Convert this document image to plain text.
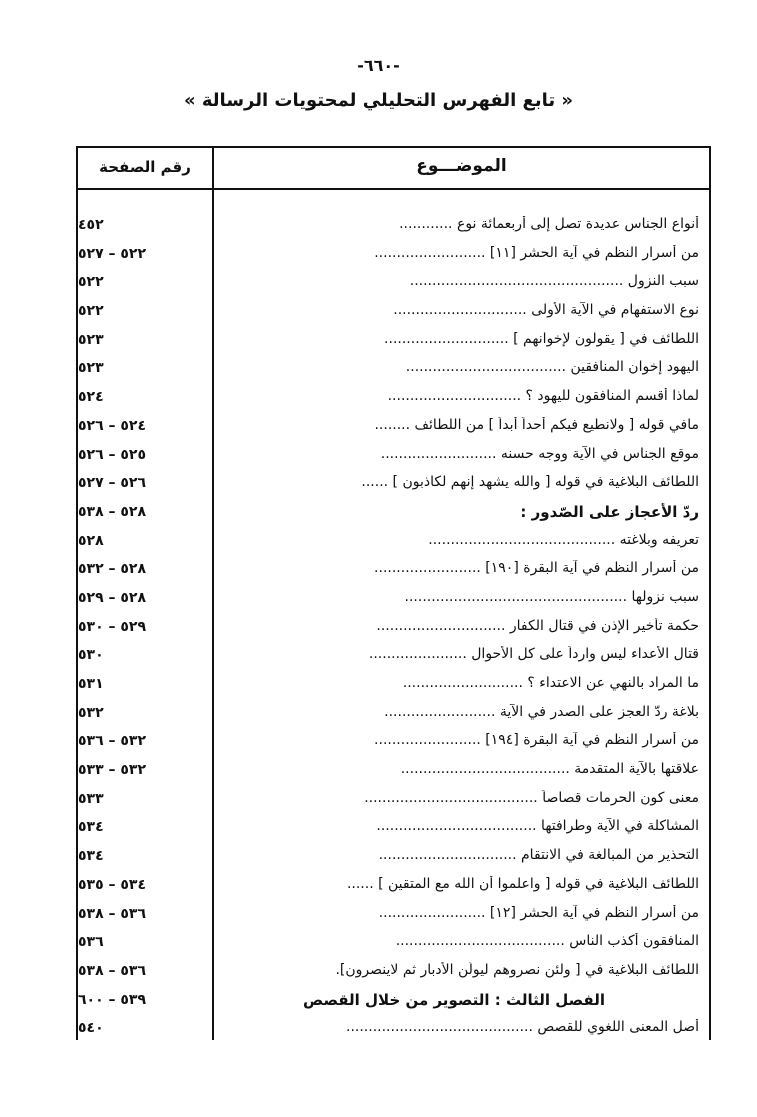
-٦٦٠-
« تابع الفهرس التحليلي لمحتويات الرسالة »
الموضـــوع
رقم الصفحة
أنواع الجناس عديدة تصل إلى أربعمائة نوع ............
٤٥٢
من أسرار النظم في آية الحشر [١١] .........................
٥٢٢ – ٥٢٧
سبب النزول ................................................
٥٢٢
نوع الاستفهام في الآية الأولى ..............................
٥٢٢
اللطائف في [ يقولون لإخوانهم ] ............................
٥٢٣
اليهود إخوان المنافقين ....................................
٥٢٣
لماذا أقسم المنافقون لليهود ؟ ..............................
٥٢٤
مافي قوله [ ولانطيع فيكم أحداً أبداً ] من اللطائف ........
٥٢٤ – ٥٢٦
موقع الجناس في الآية ووجه حسنه ..........................
٥٢٥ – ٥٢٦
اللطائف البلاغية في قوله [ والله يشهد إنهم لكاذبون ] ......
٥٢٦ – ٥٢٧
ردّ الأعجاز على الصّدور :
٥٢٨ – ٥٣٨
تعريفه وبلاغته ..........................................
٥٢٨
من أسرار النظم في آية البقرة [١٩٠] ........................
٥٢٨ – ٥٣٢
سبب نزولها ..................................................
٥٢٨ – ٥٢٩
حكمة تأخير الإذن في قتال الكفار .............................
٥٢٩ – ٥٣٠
قتال الأعداء ليس وارداً على كل الأحوال ......................
٥٣٠
ما المراد بالنهي عن الاعتداء ؟ ...........................
٥٣١
بلاغة ردّ العجز على الصدر في الآية .........................
٥٣٢
من أسرار النظم في آية البقرة [١٩٤] ........................
٥٣٢ – ٥٣٦
علاقتها بالآية المتقدمة ......................................
٥٣٢ – ٥٣٣
معنى كون الحرمات قصاصاً .......................................
٥٣٣
المشاكلة في الآية وطرافتها ....................................
٥٣٤
التحذير من المبالغة في الانتقام ...............................
٥٣٤
اللطائف البلاغية في قوله [ واعلموا أن الله مع المتقين ] ......
٥٣٤ – ٥٣٥
من أسرار النظم في آية الحشر [١٢] ........................
٥٣٦ – ٥٣٨
المنافقون أكذب الناس ......................................
٥٣٦
اللطائف البلاغية في [ ولئن نصروهم ليولّن الأدبار ثم لاينصرون].
٥٣٦ – ٥٣٨
الفصل الثالث : التصوير من خلال القصص
٥٣٩ – ٦٠٠
أصل المعنى اللغوي للقصص ..........................................
٥٤٠
